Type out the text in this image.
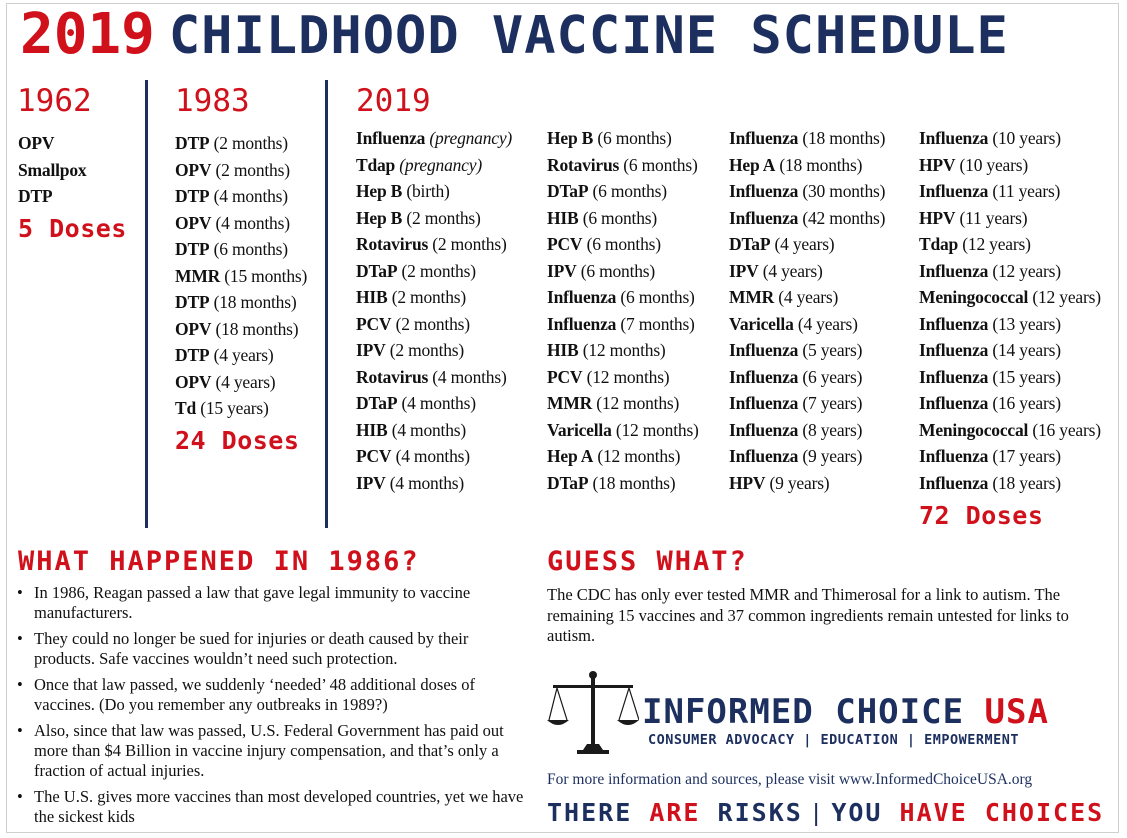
2019 CHILDHOOD VACCINE SCHEDULE
1962
OPV
Smallpox
DTP
5 Doses
1983
DTP (2 months)
OPV (2 months)
DTP (4 months)
OPV (4 months)
DTP (6 months)
MMR (15 months)
DTP (18 months)
OPV (18 months)
DTP (4 years)
OPV (4 years)
Td (15 years)
24 Doses
2019
Influenza (pregnancy)
Tdap (pregnancy)
Hep B (birth)
Hep B (2 months)
Rotavirus (2 months)
DTaP (2 months)
HIB (2 months)
PCV (2 months)
IPV (2 months)
Rotavirus (4 months)
DTaP (4 months)
HIB (4 months)
PCV (4 months)
IPV (4 months)
Hep B (6 months)
Rotavirus (6 months)
DTaP (6 months)
HIB (6 months)
PCV (6 months)
IPV (6 months)
Influenza (6 months)
Influenza (7 months)
HIB (12 months)
PCV (12 months)
MMR (12 months)
Varicella (12 months)
Hep A (12 months)
DTaP (18 months)
Influenza (18 months)
Hep A (18 months)
Influenza (30 months)
Influenza (42 months)
DTaP (4 years)
IPV (4 years)
MMR (4 years)
Varicella (4 years)
Influenza (5 years)
Influenza (6 years)
Influenza (7 years)
Influenza (8 years)
Influenza (9 years)
HPV (9 years)
Influenza (10 years)
HPV (10 years)
Influenza (11 years)
HPV (11 years)
Tdap (12 years)
Influenza (12 years)
Meningococcal (12 years)
Influenza (13 years)
Influenza (14 years)
Influenza (15 years)
Influenza (16 years)
Meningococcal (16 years)
Influenza (17 years)
Influenza (18 years)
72 Doses
WHAT HAPPENED IN 1986?
• In 1986, Reagan passed a law that gave legal immunity to vaccine manufacturers.
• They could no longer be sued for injuries or death caused by their products. Safe vaccines wouldn’t need such protection.
• Once that law passed, we suddenly ‘needed’ 48 additional doses of vaccines. (Do you remember any outbreaks in 1989?)
• Also, since that law was passed, U.S. Federal Government has paid out more than $4 Billion in vaccine injury compensation, and that’s only a fraction of actual injuries.
• The U.S. gives more vaccines than most developed countries, yet we have the sickest kids
GUESS WHAT?
The CDC has only ever tested MMR and Thimerosal for a link to autism. The remaining 15 vaccines and 37 common ingredients remain untested for links to autism.
INFORMED CHOICE USA
CONSUMER ADVOCACY | EDUCATION | EMPOWERMENT
For more information and sources, please visit www.InformedChoiceUSA.org
THERE ARE RISKS | YOU HAVE CHOICES
